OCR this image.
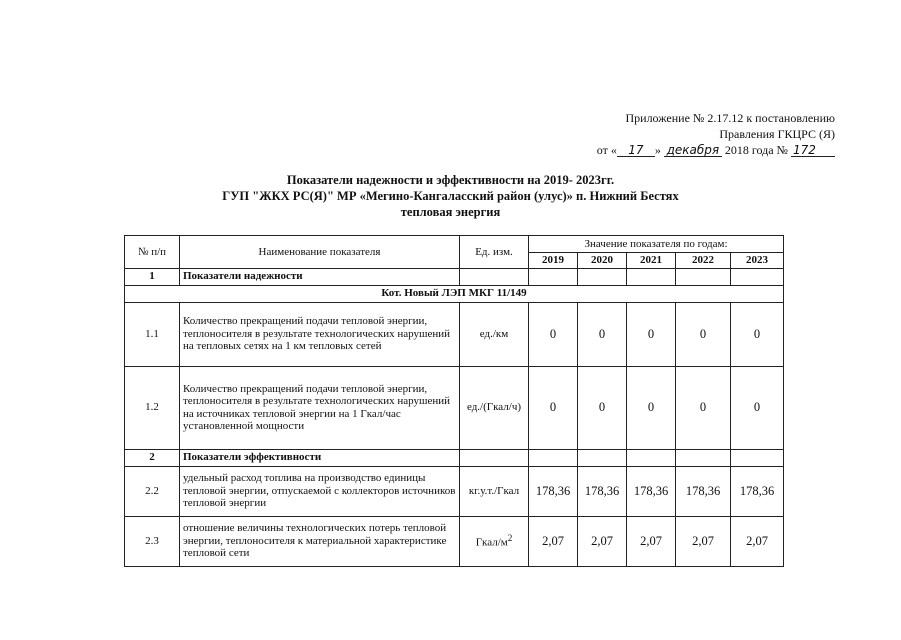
Приложение № 2.17.12 к постановлению
Правления ГКЦРС (Я)
от « 17 » декабря 2018 года № 172
Показатели надежности и эффективности на 2019- 2023гг.
ГУП "ЖКХ РС(Я)" МР «Мегино-Кангаласский район (улус)» п. Нижний Бестях
тепловая энергия
№ п/п	Наименование показателя	Ед. изм.	Значение показателя по годам:				
			2019	2020	2021	2022	2023
1	Показатели надежности						
Кот. Новый ЛЭП МКГ 11/149							
1.1	Количество прекращений подачи тепловой энергии, теплоносителя в результате технологических нарушений на тепловых сетях на 1 км тепловых сетей	ед./км	0	0	0	0	0
1.2	Количество прекращений подачи тепловой энергии, теплоносителя в результате технологических нарушений на источниках тепловой энергии на 1 Гкал/час установленной мощности	ед./(Гкал/ч)	0	0	0	0	0
2	Показатели эффективности						
2.2	удельный расход топлива на производство единицы тепловой энергии, отпускаемой с коллекторов источников тепловой энергии	кг.у.т./Гкал	178,36	178,36	178,36	178,36	178,36
2.3	отношение величины технологических потерь тепловой энергии, теплоносителя к материальной характеристике тепловой сети	Гкал/$м^2$	2,07	2,07	2,07	2,07	2,07
